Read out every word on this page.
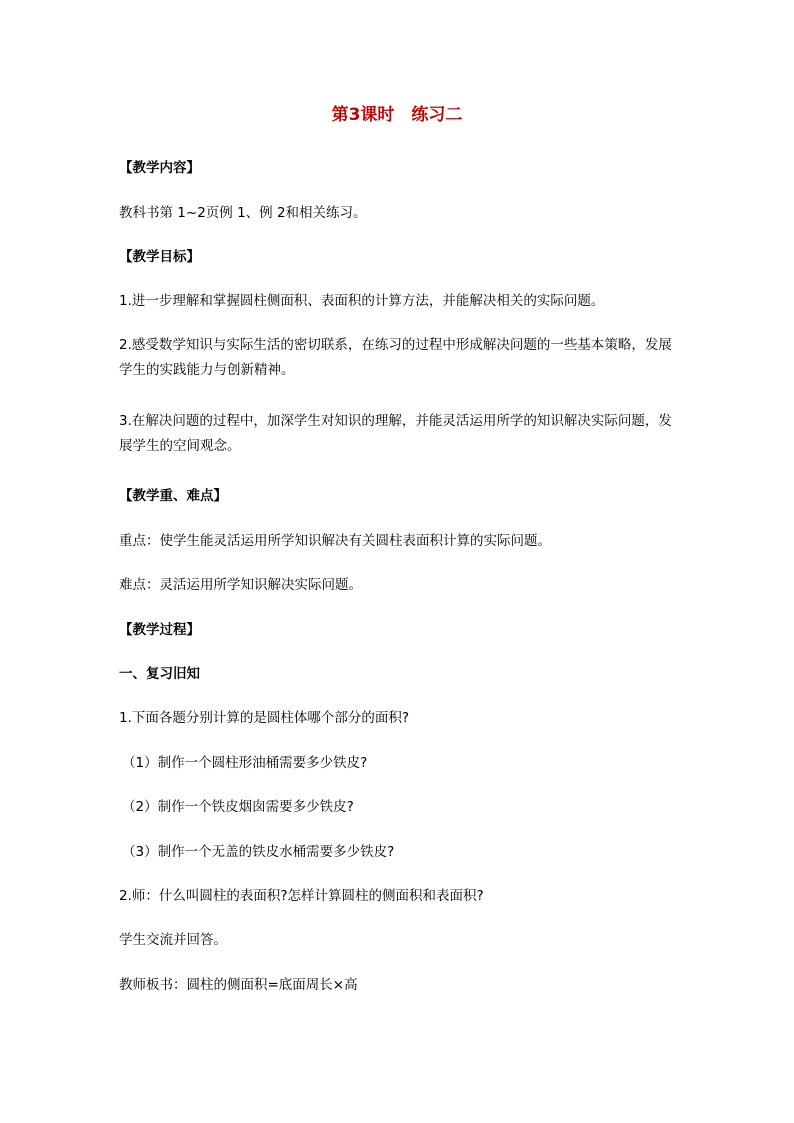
第3课时　练习二
【教学内容】
教科书第 1~2页例 1、例 2和相关练习。
【教学目标】
1.进一步理解和掌握圆柱侧面积、表面积的计算方法，并能解决相关的实际问题。
2.感受数学知识与实际生活的密切联系，在练习的过程中形成解决问题的一些基本策略，发展学生的实践能力与创新精神。
3.在解决问题的过程中，加深学生对知识的理解，并能灵活运用所学的知识解决实际问题，发展学生的空间观念。
【教学重、难点】
重点：使学生能灵活运用所学知识解决有关圆柱表面积计算的实际问题。
难点：灵活运用所学知识解决实际问题。
【教学过程】
一、复习旧知
1.下面各题分别计算的是圆柱体哪个部分的面积?
（1）制作一个圆柱形油桶需要多少铁皮?
（2）制作一个铁皮烟囱需要多少铁皮?
（3）制作一个无盖的铁皮水桶需要多少铁皮?
2.师：什么叫圆柱的表面积?怎样计算圆柱的侧面积和表面积?
学生交流并回答。
教师板书：圆柱的侧面积=底面周长×高
